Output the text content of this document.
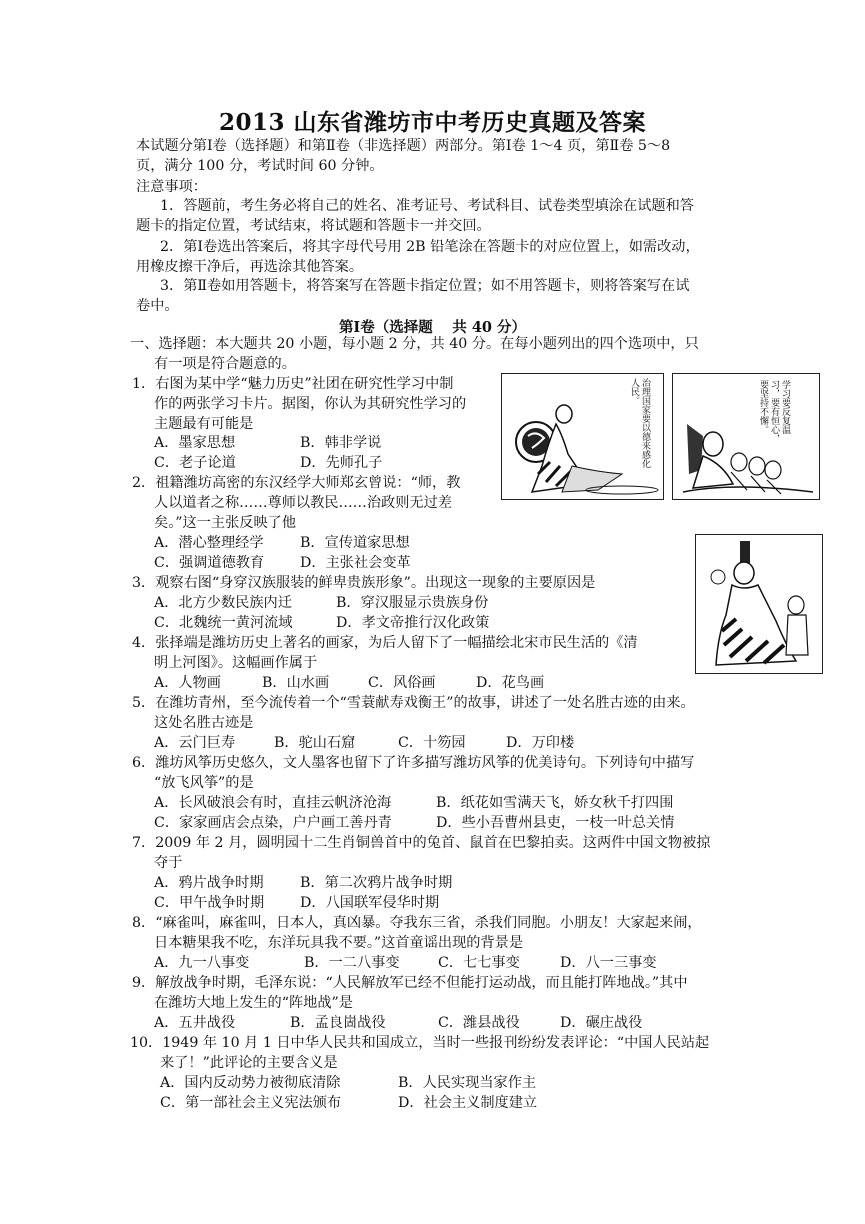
2013 山东省潍坊市中考历史真题及答案
本试题分第Ⅰ卷（选择题）和第Ⅱ卷（非选择题）两部分。第Ⅰ卷 1～4 页，第Ⅱ卷 5～8
页，满分 100 分，考试时间 60 分钟。
注意事项：
1．答题前，考生务必将自己的姓名、准考证号、考试科目、试卷类型填涂在试题和答
题卡的指定位置，考试结束，将试题和答题卡一并交回。
2．第Ⅰ卷选出答案后，将其字母代号用 2B 铅笔涂在答题卡的对应位置上，如需改动，
用橡皮擦干净后，再选涂其他答案。
3．第Ⅱ卷如用答题卡，将答案写在答题卡指定位置；如不用答题卡，则将答案写在试
卷中。
第Ⅰ卷（选择题　 共 40 分）
一、选择题：本大题共 20 小题，每小题 2 分，共 40 分。在每小题列出的四个选项中，只
有一项是符合题意的。
1．右图为某中学“魅力历史”社团在研究性学习中制
作的两张学习卡片。据图，你认为其研究性学习的
主题最有可能是
A．墨家思想	B．韩非学说
C．老子论道	D．先师孔子
2．祖籍潍坊高密的东汉经学大师郑玄曾说：“师，教
人以道者之称……尊师以教民……治政则无过差
矣。”这一主张反映了他
A．潜心整理经学	B．宣传道家思想
C．强调道德教育	D．主张社会变革
3．观察右图“身穿汉族服装的鲜卑贵族形象”。出现这一现象的主要原因是
A．北方少数民族内迁	B．穿汉服显示贵族身份
C．北魏统一黄河流域	D．孝文帝推行汉化政策
4．张择端是潍坊历史上著名的画家，为后人留下了一幅描绘北宋市民生活的《清
明上河图》。这幅画作属于
A．人物画	B．山水画	C．风俗画	D．花鸟画
5．在潍坊青州，至今流传着一个“雪蓑献寿戏衡王”的故事，讲述了一处名胜古迹的由来。
这处名胜古迹是
A．云门巨寿	B．驼山石窟	C．十笏园	D．万印楼
6．潍坊风筝历史悠久，文人墨客也留下了许多描写潍坊风筝的优美诗句。下列诗句中描写
“放飞风筝”的是
A．长风破浪会有时，直挂云帆济沧海	B．纸花如雪满天飞，娇女秋千打四围
C．家家画店会点染，户户画工善丹青	D．些小吾曹州县吏，一枝一叶总关情
7．2009 年 2 月，圆明园十二生肖铜兽首中的兔首、鼠首在巴黎拍卖。这两件中国文物被掠
夺于
A．鸦片战争时期	B．第二次鸦片战争时期
C．甲午战争时期	D．八国联军侵华时期
8．“麻雀叫，麻雀叫，日本人，真凶暴。夺我东三省，杀我们同胞。小朋友！大家起来闹，
日本糖果我不吃，东洋玩具我不要。”这首童谣出现的背景是
A．九一八事变	B．一二八事变	C．七七事变	D．八一三事变
9．解放战争时期，毛泽东说：“人民解放军已经不但能打运动战，而且能打阵地战。”其中
在潍坊大地上发生的“阵地战”是
A．五井战役	B．孟良崮战役	C．潍县战役	D．碾庄战役
10．1949 年 10 月 1 日中华人民共和国成立，当时一些报刊纷纷发表评论：“中国人民站起
来了！”此评论的主要含义是
A．国内反动势力被彻底清除	B．人民实现当家作主
C．第一部社会主义宪法颁布	D．社会主义制度建立
治理国家要以德来感化人民。	学习要反复温习，要有恒心，要坚持不懈。
